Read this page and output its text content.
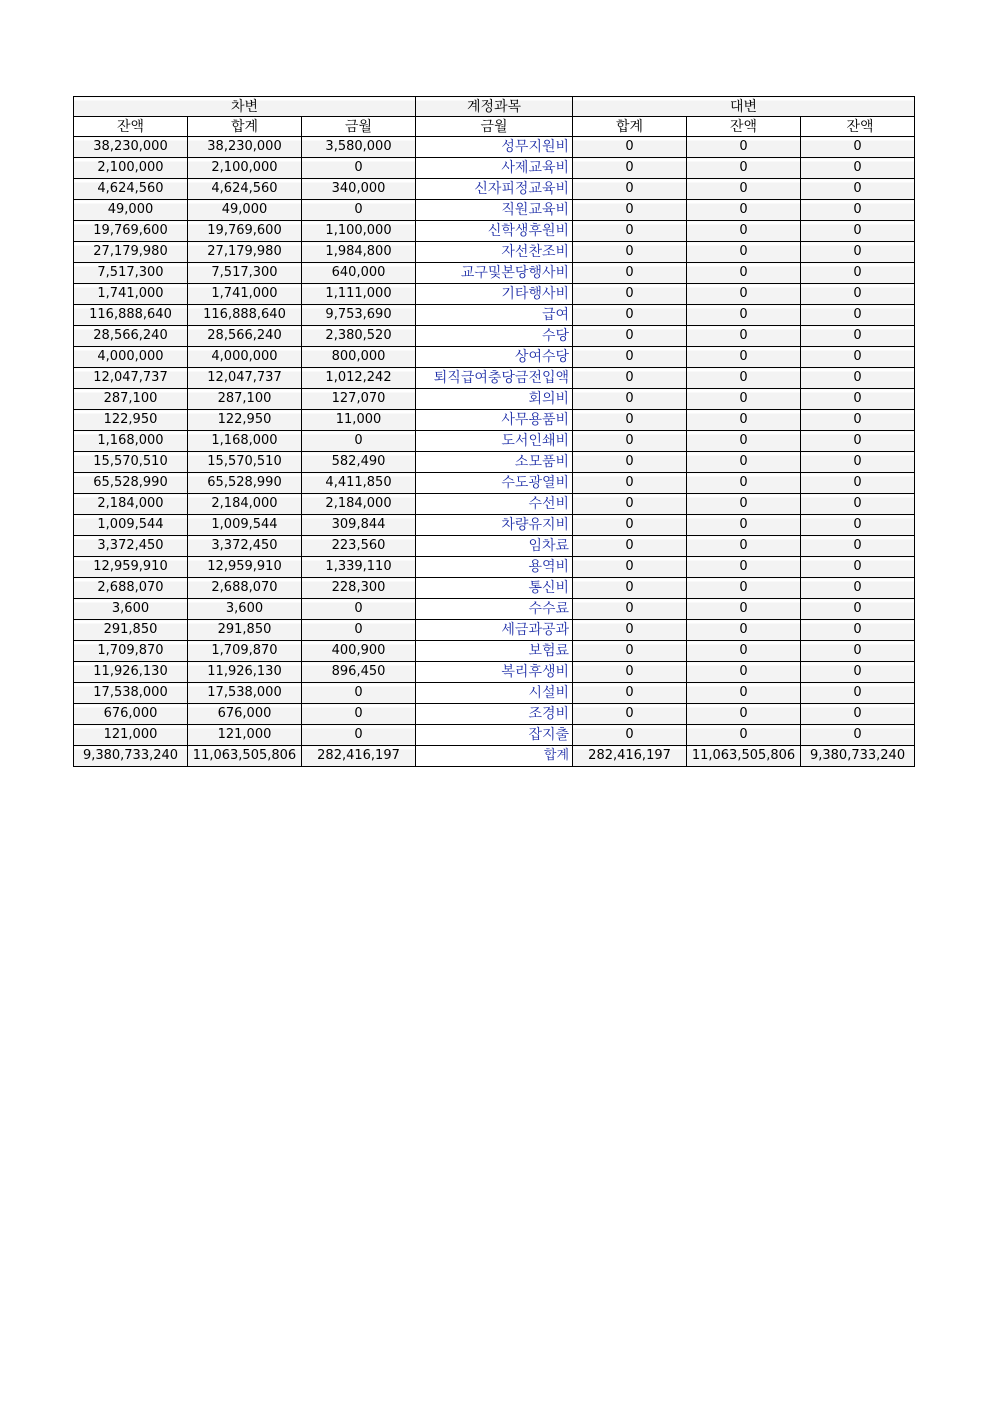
차변			계정과목	대변		
잔액	합계	금월	금월	합계	잔액	잔액
38,230,000	38,230,000	3,580,000	성무지원비	0	0	0
2,100,000	2,100,000	0	사제교육비	0	0	0
4,624,560	4,624,560	340,000	신자피정교육비	0	0	0
49,000	49,000	0	직원교육비	0	0	0
19,769,600	19,769,600	1,100,000	신학생후원비	0	0	0
27,179,980	27,179,980	1,984,800	자선찬조비	0	0	0
7,517,300	7,517,300	640,000	교구및본당행사비	0	0	0
1,741,000	1,741,000	1,111,000	기타행사비	0	0	0
116,888,640	116,888,640	9,753,690	급여	0	0	0
28,566,240	28,566,240	2,380,520	수당	0	0	0
4,000,000	4,000,000	800,000	상여수당	0	0	0
12,047,737	12,047,737	1,012,242	퇴직급여충당금전입액	0	0	0
287,100	287,100	127,070	회의비	0	0	0
122,950	122,950	11,000	사무용품비	0	0	0
1,168,000	1,168,000	0	도서인쇄비	0	0	0
15,570,510	15,570,510	582,490	소모품비	0	0	0
65,528,990	65,528,990	4,411,850	수도광열비	0	0	0
2,184,000	2,184,000	2,184,000	수선비	0	0	0
1,009,544	1,009,544	309,844	차량유지비	0	0	0
3,372,450	3,372,450	223,560	임차료	0	0	0
12,959,910	12,959,910	1,339,110	용역비	0	0	0
2,688,070	2,688,070	228,300	통신비	0	0	0
3,600	3,600	0	수수료	0	0	0
291,850	291,850	0	세금과공과	0	0	0
1,709,870	1,709,870	400,900	보험료	0	0	0
11,926,130	11,926,130	896,450	복리후생비	0	0	0
17,538,000	17,538,000	0	시설비	0	0	0
676,000	676,000	0	조경비	0	0	0
121,000	121,000	0	잡지출	0	0	0
9,380,733,240	11,063,505,806	282,416,197	합계	282,416,197	11,063,505,806	9,380,733,240
